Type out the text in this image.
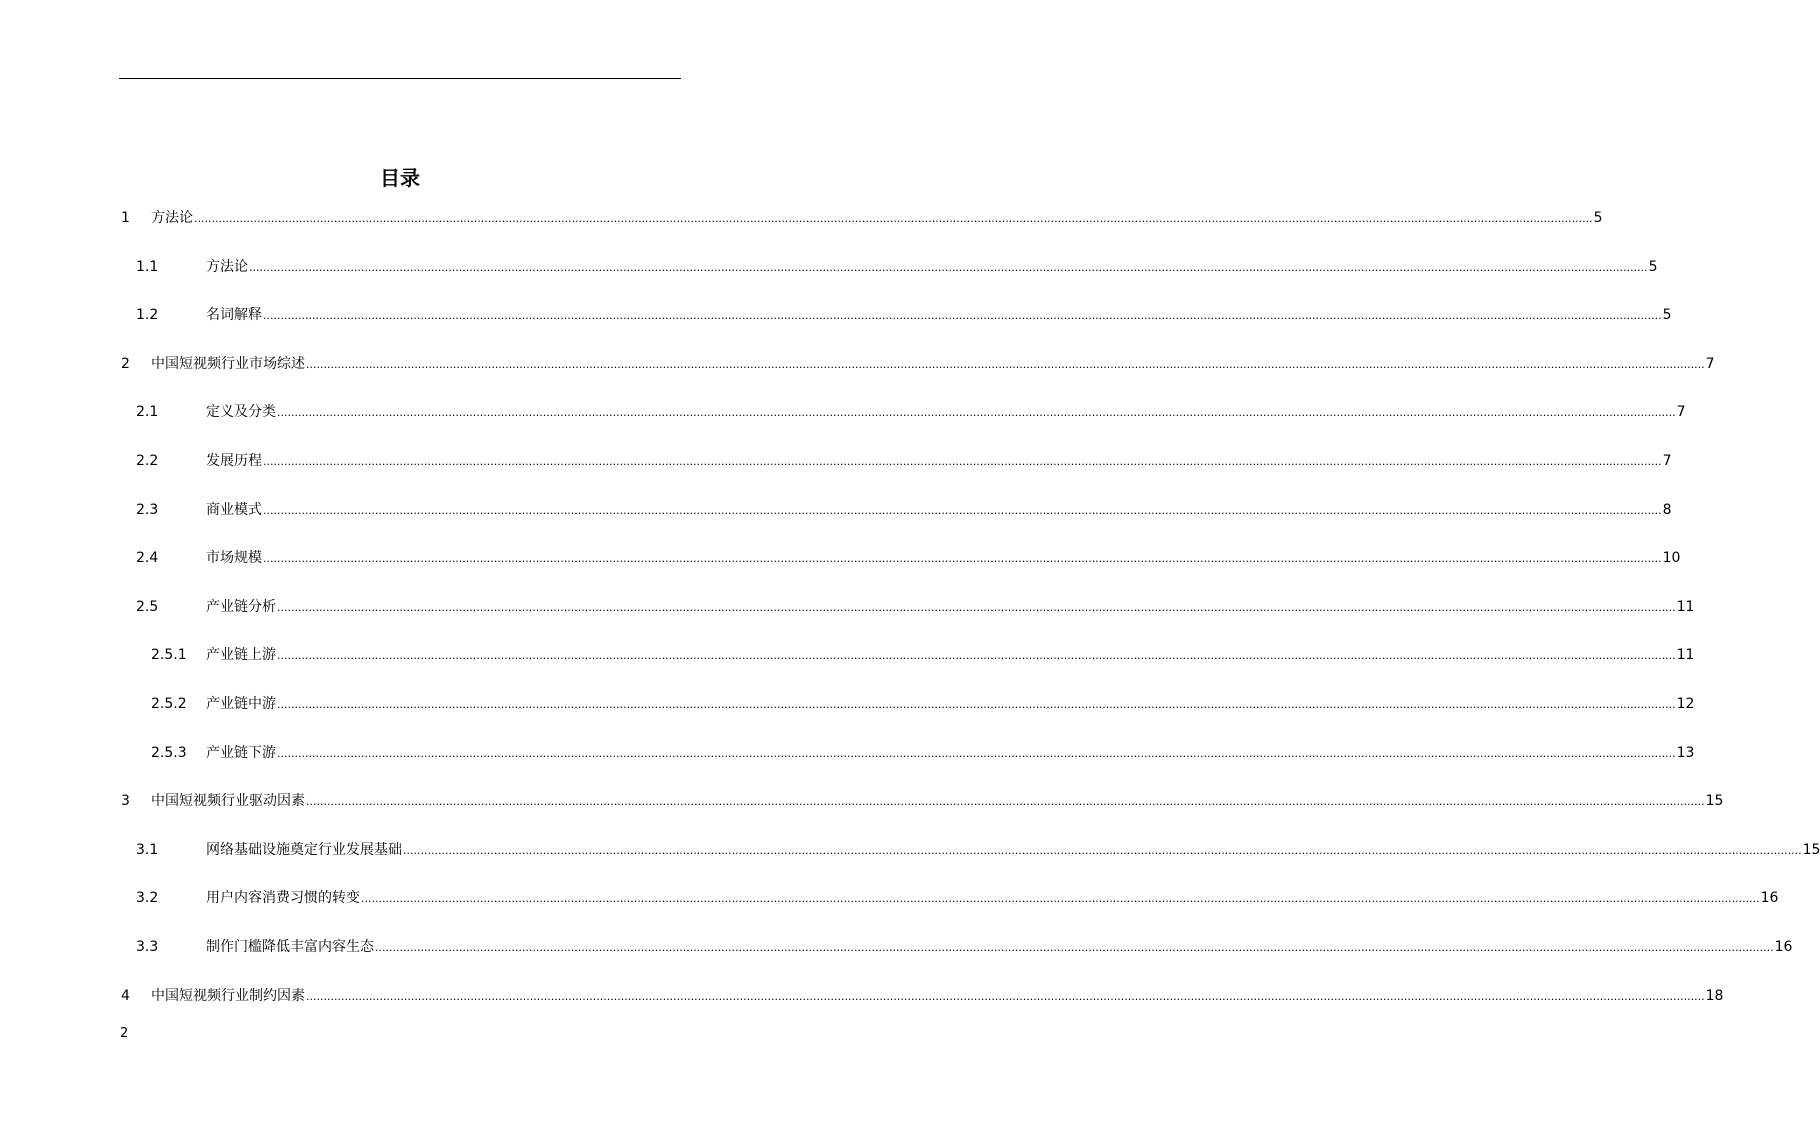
目录
1 方法论 ................................................................................................................................................................................................................................................................................................................................................................................................................ 5
1.1	方法论 ................................................................................................................................................................................................................................................................................................................................................................................................................ 5
1.2	名词解释 ................................................................................................................................................................................................................................................................................................................................................................................................................ 5
2 中国短视频行业市场综述 ................................................................................................................................................................................................................................................................................................................................................................................................................ 7
2.1	定义及分类 ................................................................................................................................................................................................................................................................................................................................................................................................................ 7
2.2	发展历程 ................................................................................................................................................................................................................................................................................................................................................................................................................ 7
2.3	商业模式 ................................................................................................................................................................................................................................................................................................................................................................................................................ 8
2.4	市场规模 ................................................................................................................................................................................................................................................................................................................................................................................................................ 10
2.5	产业链分析 ................................................................................................................................................................................................................................................................................................................................................................................................................ 11
2.5.1 产业链上游 ................................................................................................................................................................................................................................................................................................................................................................................................................ 11
2.5.2 产业链中游 ................................................................................................................................................................................................................................................................................................................................................................................................................ 12
2.5.3 产业链下游 ................................................................................................................................................................................................................................................................................................................................................................................................................ 13
3 中国短视频行业驱动因素 ................................................................................................................................................................................................................................................................................................................................................................................................................ 15
3.1	网络基础设施奠定行业发展基础 ................................................................................................................................................................................................................................................................................................................................................................................................................ 15
3.2	用户内容消费习惯的转变 ................................................................................................................................................................................................................................................................................................................................................................................................................ 16
3.3	制作门槛降低丰富内容生态 ................................................................................................................................................................................................................................................................................................................................................................................................................ 16
4 中国短视频行业制约因素 ................................................................................................................................................................................................................................................................................................................................................................................................................ 18
2
